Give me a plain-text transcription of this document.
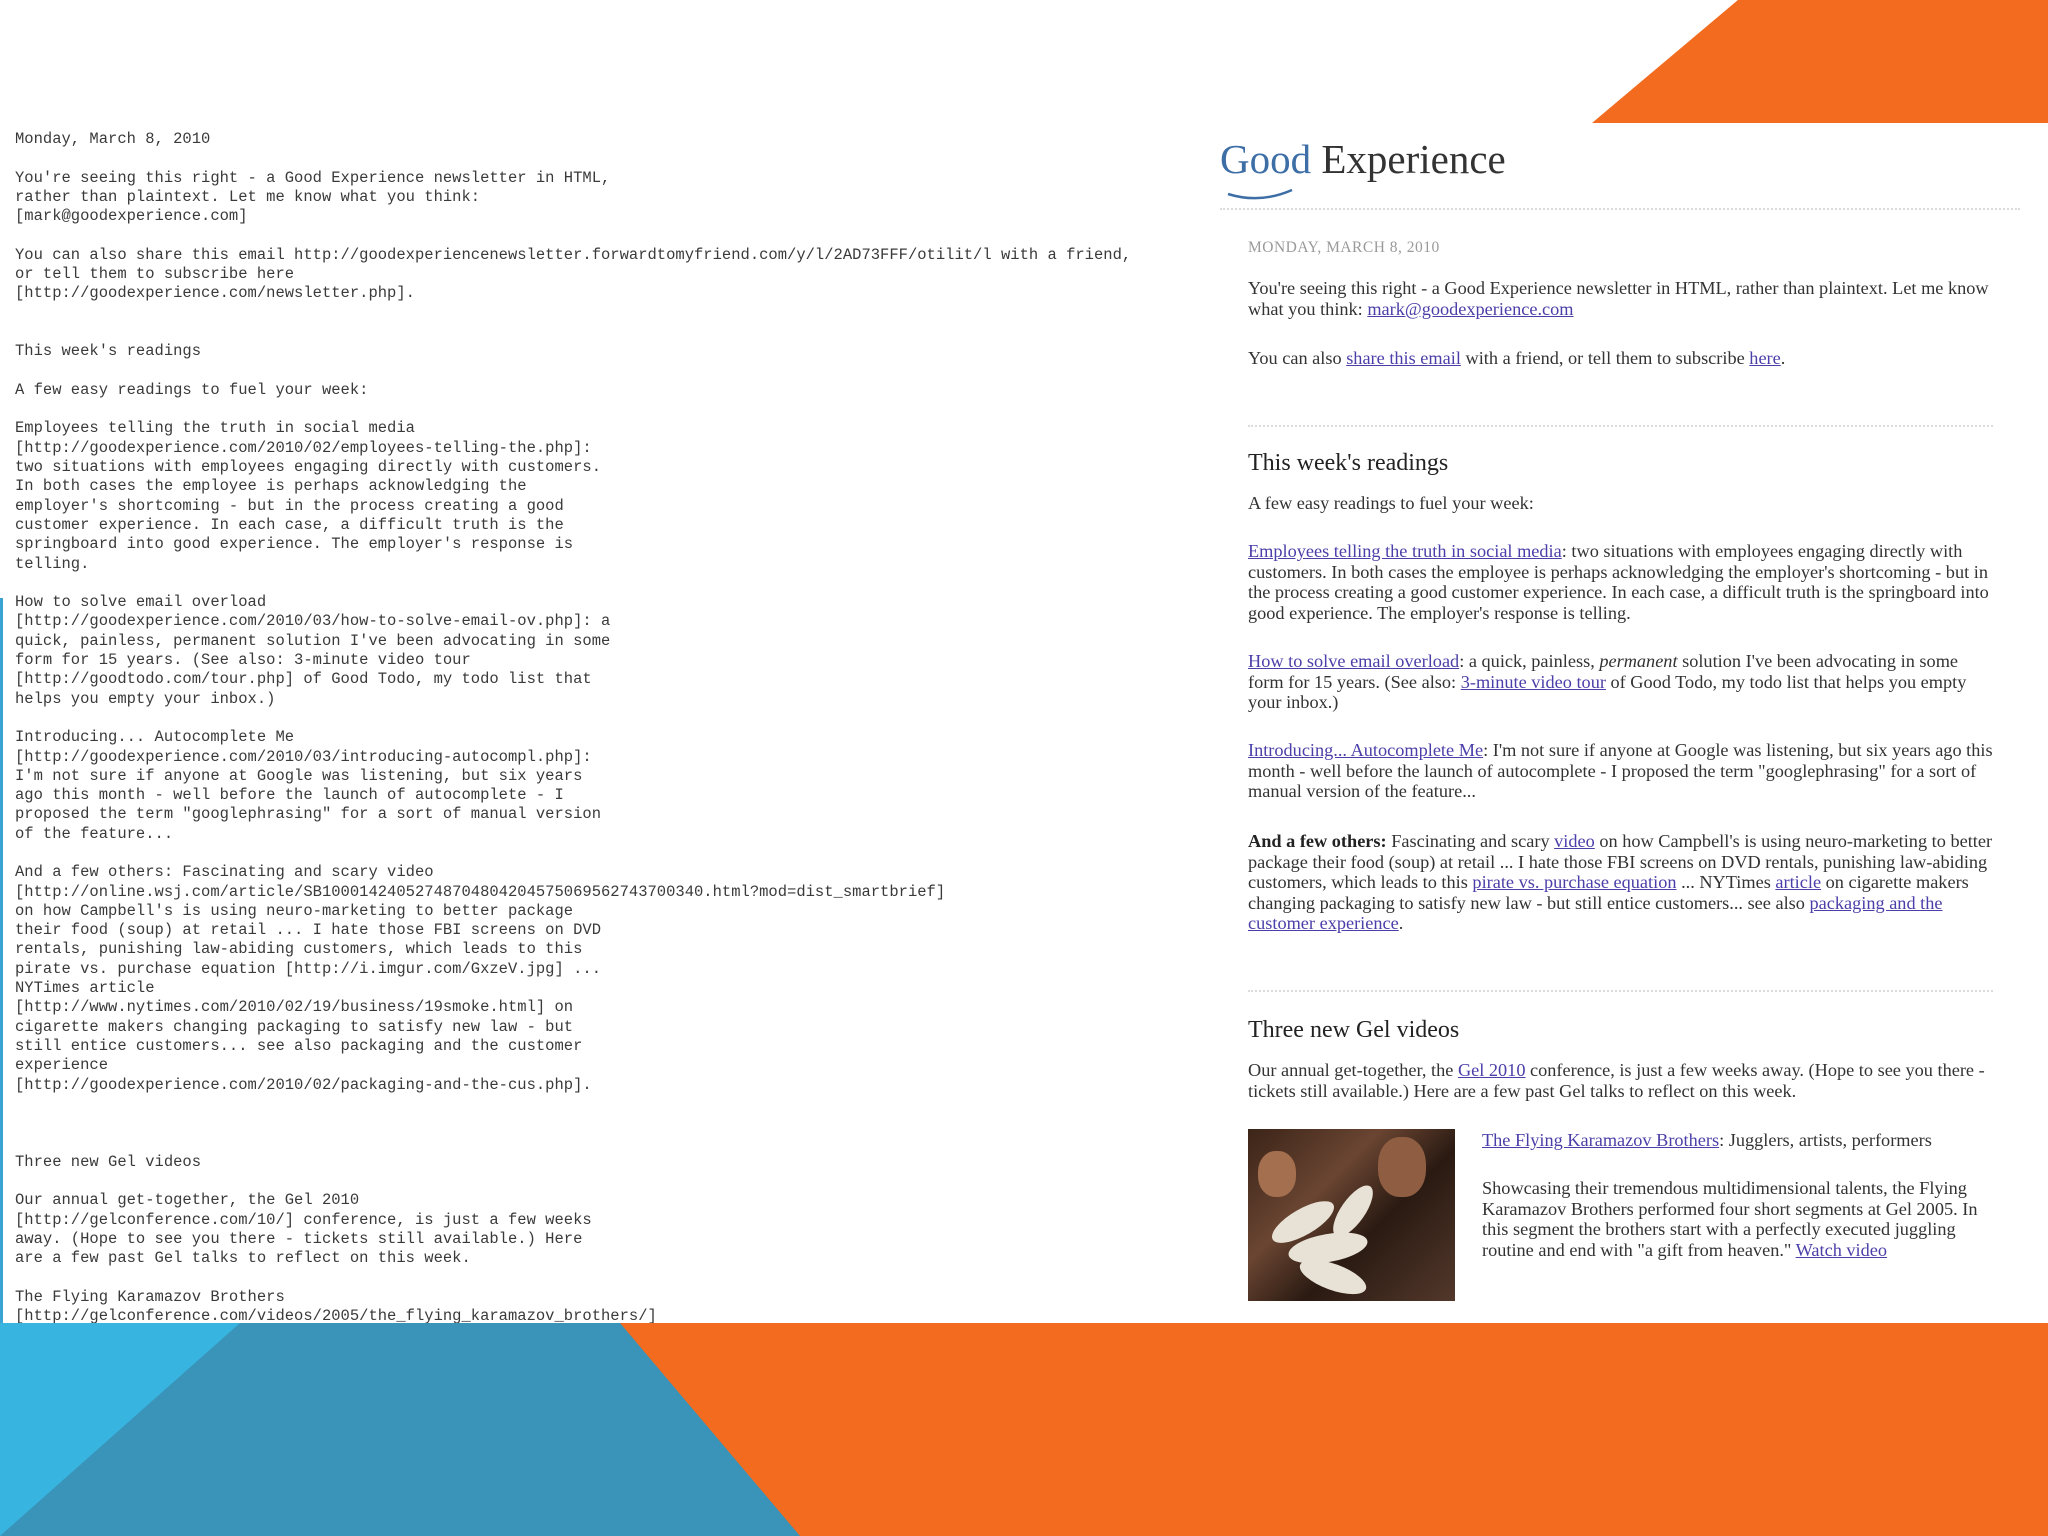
Monday, March 8, 2010
You're seeing this right - a Good Experience newsletter in HTML,
rather than plaintext. Let me know what you think:
[mark@goodexperience.com]
You can also share this email http://goodexperiencenewsletter.forwardtomyfriend.com/y/l/2AD73FFF/otilit/l with a friend,
or tell them to subscribe here
[http://goodexperience.com/newsletter.php].
This week's readings
A few easy readings to fuel your week:
Employees telling the truth in social media
[http://goodexperience.com/2010/02/employees-telling-the.php]:
two situations with employees engaging directly with customers.
In both cases the employee is perhaps acknowledging the
employer's shortcoming - but in the process creating a good
customer experience. In each case, a difficult truth is the
springboard into good experience. The employer's response is
telling.
How to solve email overload
[http://goodexperience.com/2010/03/how-to-solve-email-ov.php]: a
quick, painless, permanent solution I've been advocating in some
form for 15 years. (See also: 3-minute video tour
[http://goodtodo.com/tour.php] of Good Todo, my todo list that
helps you empty your inbox.)
Introducing... Autocomplete Me
[http://goodexperience.com/2010/03/introducing-autocompl.php]:
I'm not sure if anyone at Google was listening, but six years
ago this month - well before the launch of autocomplete - I
proposed the term "googlephrasing" for a sort of manual version
of the feature...
And a few others: Fascinating and scary video
[http://online.wsj.com/article/SB10001424052748704804204575069562743700340.html?mod=dist_smartbrief]
on how Campbell's is using neuro-marketing to better package
their food (soup) at retail ... I hate those FBI screens on DVD
rentals, punishing law-abiding customers, which leads to this
pirate vs. purchase equation [http://i.imgur.com/GxzeV.jpg] ...
NYTimes article
[http://www.nytimes.com/2010/02/19/business/19smoke.html] on
cigarette makers changing packaging to satisfy new law - but
still entice customers... see also packaging and the customer
experience
[http://goodexperience.com/2010/02/packaging-and-the-cus.php].
Three new Gel videos
Our annual get-together, the Gel 2010
[http://gelconference.com/10/] conference, is just a few weeks
away. (Hope to see you there - tickets still available.) Here
are a few past Gel talks to reflect on this week.
The Flying Karamazov Brothers
[http://gelconference.com/videos/2005/the_flying_karamazov_brothers/]
Good Experience
MONDAY, MARCH 8, 2010
You're seeing this right - a Good Experience newsletter in HTML, rather than plaintext. Let me know what you think: mark@goodexperience.com
You can also share this email with a friend, or tell them to subscribe here.
This week's readings
A few easy readings to fuel your week:
Employees telling the truth in social media: two situations with employees engaging directly with customers. In both cases the employee is perhaps acknowledging the employer's shortcoming - but in the process creating a good customer experience. In each case, a difficult truth is the springboard into good experience. The employer's response is telling.
How to solve email overload: a quick, painless, permanent solution I've been advocating in some form for 15 years. (See also: 3-minute video tour of Good Todo, my todo list that helps you empty your inbox.)
Introducing... Autocomplete Me: I'm not sure if anyone at Google was listening, but six years ago this month - well before the launch of autocomplete - I proposed the term "googlephrasing" for a sort of manual version of the feature...
And a few others: Fascinating and scary video on how Campbell's is using neuro-marketing to better package their food (soup) at retail ... I hate those FBI screens on DVD rentals, punishing law-abiding customers, which leads to this pirate vs. purchase equation ... NYTimes article on cigarette makers changing packaging to satisfy new law - but still entice customers... see also packaging and the customer experience.
Three new Gel videos
Our annual get-together, the Gel 2010 conference, is just a few weeks away. (Hope to see you there - tickets still available.) Here are a few past Gel talks to reflect on this week.
The Flying Karamazov Brothers: Jugglers, artists, performers
Showcasing their tremendous multidimensional talents, the Flying Karamazov Brothers performed four short segments at Gel 2005. In this segment the brothers start with a perfectly executed juggling routine and end with "a gift from heaven." Watch video
